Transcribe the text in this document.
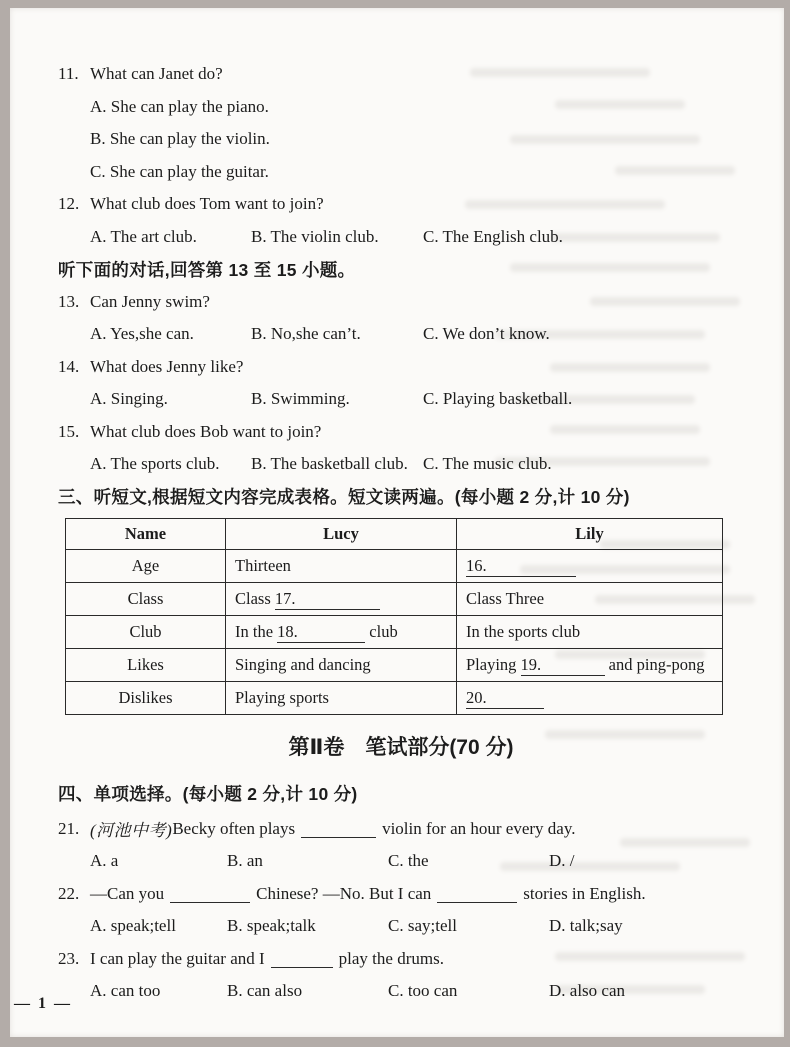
11. What can Janet do?
A. She can play the piano.
B. She can play the violin.
C. She can play the guitar.
12. What club does Tom want to join?
A. The art club.	B. The violin club.	C. The English club.
听下面的对话,回答第 13 至 15 小题。
13. Can Jenny swim?
A. Yes,she can.	B. No,she can’t.	C. We don’t know.
14. What does Jenny like?
A. Singing.	B. Swimming.	C. Playing basketball.
15. What club does Bob want to join?
A. The sports club.	B. The basketball club. C. The music club.
三、听短文,根据短文内容完成表格。短文读两遍。(每小题 2 分,计 10 分)
Name	Lucy	Lily
Age	Thirteen	16.
Class	Class 17.	Class Three
Club	In the 18. club	In the sports club
Likes	Singing and dancing	Playing 19. and ping-pong
Dislikes	Playing sports	20.
第Ⅱ卷　笔试部分(70 分)
四、单项选择。(每小题 2 分,计 10 分)
21. (河池中考) Becky often plays	violin for an hour every day.
A. a	B. an	C. the	D. /
22. —Can you	Chinese? —No. But I can	stories in English.
A. speak;tell	B. speak;talk	C. say;tell	D. talk;say
23. I can play the guitar and I	play the drums.
A. can too	B. can also	C. too can	D. also can
— 1 —
